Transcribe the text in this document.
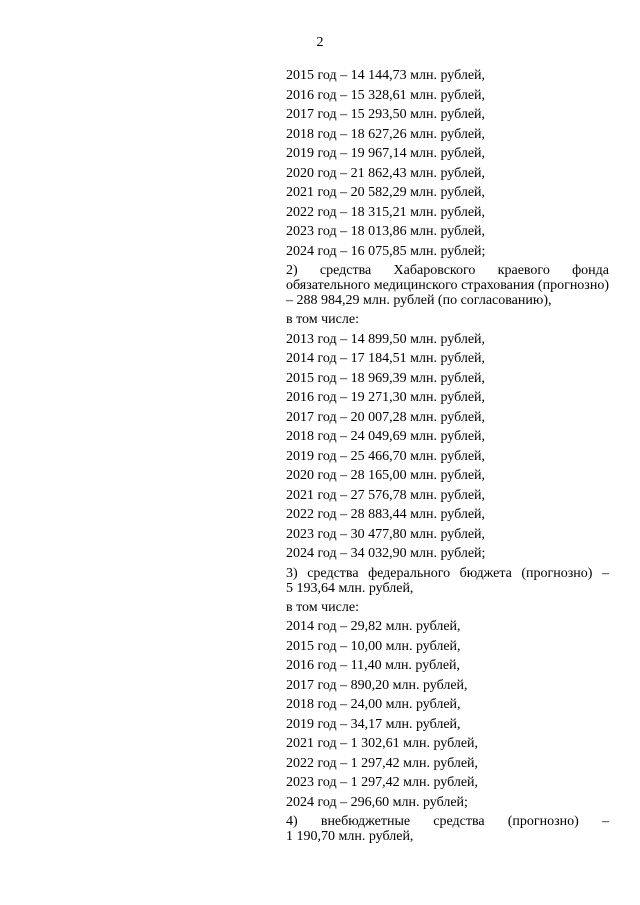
2
2015 год – 14 144,73 млн. рублей,
2016 год – 15 328,61 млн. рублей,
2017 год – 15 293,50 млн. рублей,
2018 год – 18 627,26 млн. рублей,
2019 год – 19 967,14 млн. рублей,
2020 год – 21 862,43 млн. рублей,
2021 год – 20 582,29 млн. рублей,
2022 год – 18 315,21 млн. рублей,
2023 год – 18 013,86 млн. рублей,
2024 год – 16 075,85 млн. рублей;
2) средства Хабаровского краевого фонда обязательного медицинского страхования (прогнозно) – 288 984,29 млн. рублей (по согласованию),
в том числе:
2013 год – 14 899,50 млн. рублей,
2014 год – 17 184,51 млн. рублей,
2015 год – 18 969,39 млн. рублей,
2016 год – 19 271,30 млн. рублей,
2017 год – 20 007,28 млн. рублей,
2018 год – 24 049,69 млн. рублей,
2019 год – 25 466,70 млн. рублей,
2020 год – 28 165,00 млн. рублей,
2021 год – 27 576,78 млн. рублей,
2022 год – 28 883,44 млн. рублей,
2023 год – 30 477,80 млн. рублей,
2024 год – 34 032,90 млн. рублей;
3) средства федерального бюджета (прогнозно) –
5 193,64 млн. рублей,
в том числе:
2014 год – 29,82 млн. рублей,
2015 год – 10,00 млн. рублей,
2016 год – 11,40 млн. рублей,
2017 год – 890,20 млн. рублей,
2018 год – 24,00 млн. рублей,
2019 год – 34,17 млн. рублей,
2021 год – 1 302,61 млн. рублей,
2022 год – 1 297,42 млн. рублей,
2023 год – 1 297,42 млн. рублей,
2024 год – 296,60 млн. рублей;
4) внебюджетные средства (прогнозно) –
1 190,70 млн. рублей,
